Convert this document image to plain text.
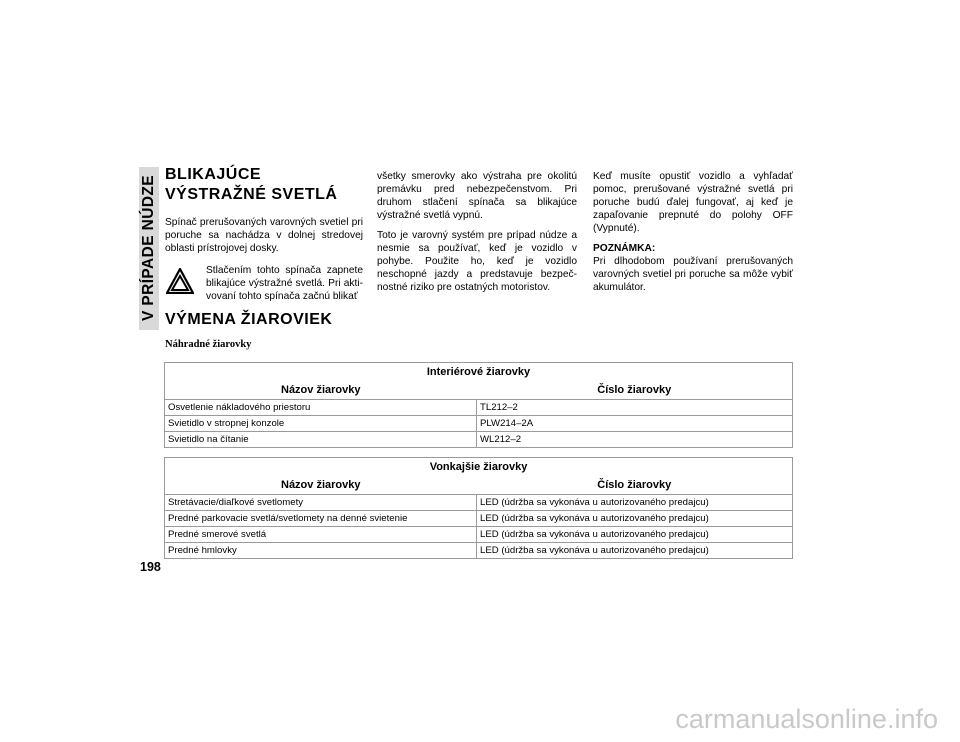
V PRÍPADE NÚDZE
BLIKAJÚCE VÝSTRAŽNÉ SVETLÁ

Spínač prerušovaných varovných svetiel pri poruche sa nachádza v dolnej stredovej oblasti prístrojovej dosky.

Stlačením tohto spínača zapnete blikajúce výstražné svetlá. Pri akti-vovaní tohto spínača začnú blikať
VÝMENA ŽIAROVIEK
Náhradné žiarovky

všetky smerovky ako výstraha pre okolitú premávku pred nebezpečenstvom. Pri druhom stlačení spínača sa blikajúce výstražné svetlá vypnú.

Toto je varovný systém pre prípad núdze a nesmie sa používať, keď je vozidlo v pohybe. Použite ho, keď je vozidlo neschopné jazdy a predstavuje bezpeč-nostné riziko pre ostatných motoristov.

Keď musíte opustiť vozidlo a vyhľadať pomoc, prerušované výstražné svetlá pri poruche budú ďalej fungovať, aj keď je zapaľovanie prepnuté do polohy OFF (Vypnuté).

POZNÁMKA:
Pri dlhodobom používaní prerušovaných varovných svetiel pri poruche sa môže vybiť akumulátor.
Interiérové žiarovky	
Názov žiarovky	Číslo žiarovky
Osvetlenie nákladového priestoru	TL212–2
Svietidlo v stropnej konzole	PLW214–2A
Svietidlo na čítanie	WL212–2
Vonkajšie žiarovky	
Názov žiarovky	Číslo žiarovky
Stretávacie/diaľkové svetlomety	LED (údržba sa vykonáva u autorizovaného predajcu)
Predné parkovacie svetlá/svetlomety na denné svietenie	LED (údržba sa vykonáva u autorizovaného predajcu)
Predné smerové svetlá	LED (údržba sa vykonáva u autorizovaného predajcu)
Predné hmlovky	LED (údržba sa vykonáva u autorizovaného predajcu)
198
carmanualsonline.info
